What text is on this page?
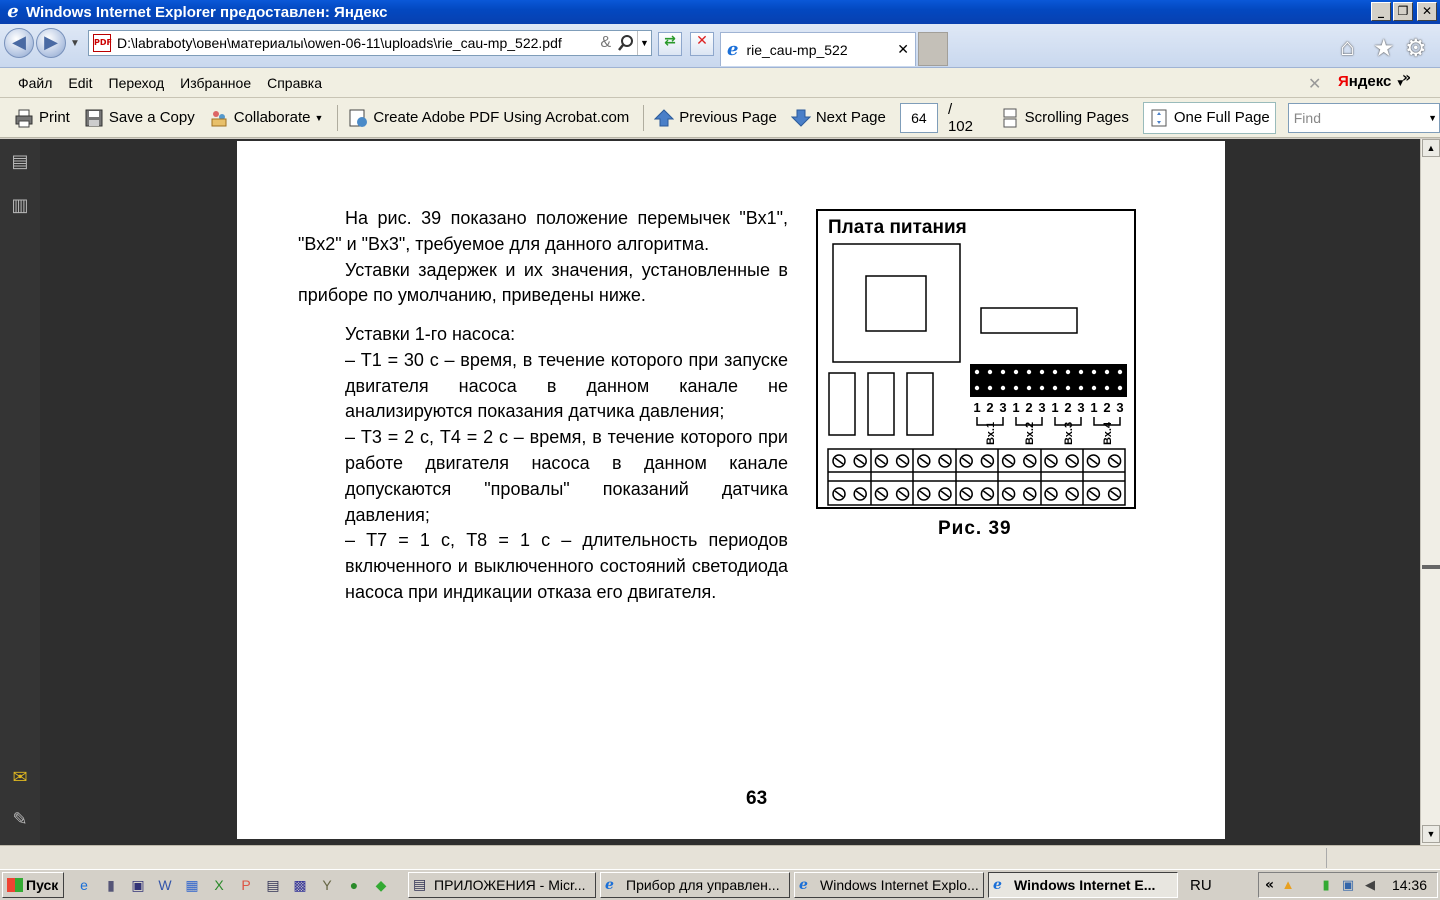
e Windows Internet Explorer предоставлен: Яндекс	_	❐	✕
◀	▶	▼ PDF D:\labraboty\овен\материалы\owen-06-11\uploads\rie_cau-mp_522.pdf	&	▼	⇄	✕	e rie_cau-mp_522	✕	⌂ ★ ⚙
Файл Edit Переход Избранное Справка	✕ Яндекс ▼
»
Print	Save a Copy	Collaborate ▼	Create Adobe PDF Using Acrobat.com	Previous Page	Next Page	64	/ 102	Scrolling Pages	One Full Page	Find	▼
▤
▥
✉
✎

На рис. 39 показано положение перемычек "Вх1", "Вх2" и "Вх3", требуемое для данного алгоритма.

Уставки задержек и их значения, установленные в приборе по умолчанию, приведены ниже.

Уставки 1-го насоса:

– Т1 = 30 с – время, в течение которого при запуске двигателя насоса в данном канале не анализируются показания датчика давления;

– Т3 = 2 с, Т4 = 2 с – время, в течение которого при работе двигателя насоса в данном канале допускаются "провалы" показаний датчика давления;

– Т7 = 1 с, Т8 = 1 с – длительность периодов включенного и выключенного состояний светодиода насоса при индикации отказа его двигателя.

1 2 3 1 2 3 1 2 3 1 2 3
Вх.1 Вх.2 Вх.3 Вх.4
Плата питания
Рис. 39
63
▲
▼
Пуск	e	▮	▣ W ▦	X	P	▤ ▩	Y	●	◆	▤ ПРИЛОЖЕНИЯ - Micr... e Прибор для управлен... e Windows Internet Explo... e Windows Internet E... RU	« ▲	▮ ▣ ◀ 14:36
